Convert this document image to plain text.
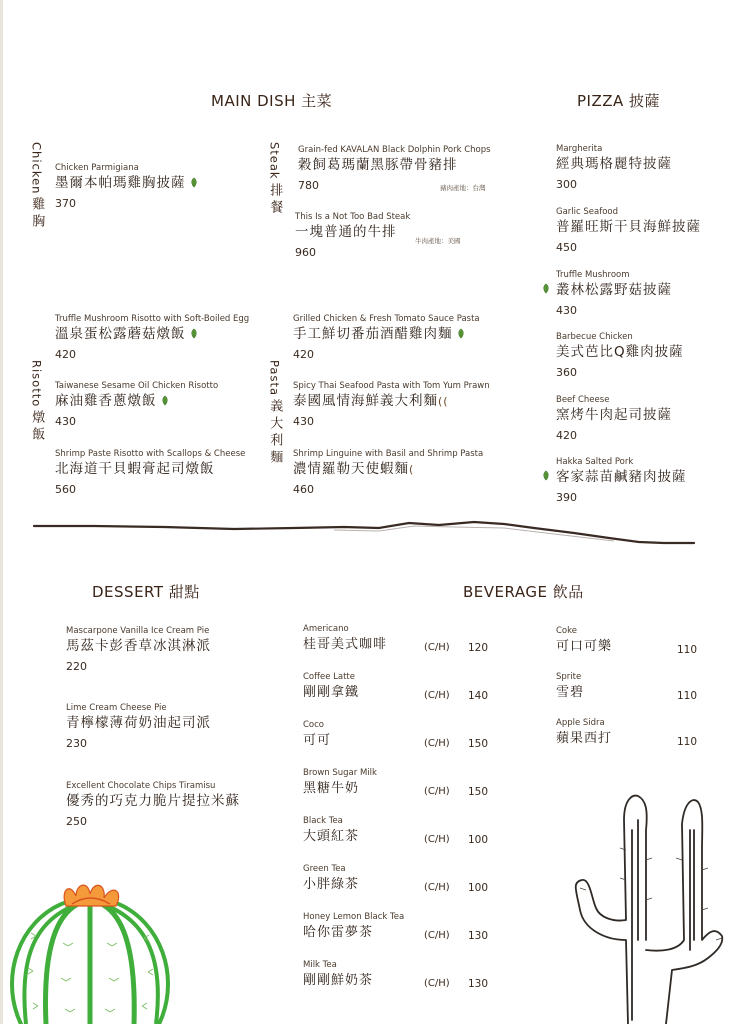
MAIN DISH 主菜	PIZZA 披薩
DESSERT 甜點	BEVERAGE 飲品
Chicken
雞胸
Steak
排餐
Risotto
燉飯
Pasta
義大利麵
Chicken Parmigiana
墨爾本帕瑪雞胸披薩
370
Grain-fed KAVALAN Black Dolphin Pork Chops
穀飼葛瑪蘭黑豚帶骨豬排
780	豬肉產地：台灣
This Is a Not Too Bad Steak
一塊普通的牛排
960
牛肉產地：美國
Truffle Mushroom Risotto with Soft-Boiled Egg
溫泉蛋松露蘑菇燉飯
420
Taiwanese Sesame Oil Chicken Risotto
麻油雞香蔥燉飯
430
Shrimp Paste Risotto with Scallops & Cheese
北海道干貝蝦膏起司燉飯
560
Grilled Chicken & Fresh Tomato Sauce Pasta
手工鮮切番茄酒醋雞肉麵
420
Spicy Thai Seafood Pasta with Tom Yum Prawn
泰國風情海鮮義大利麵((
430
Shrimp Linguine with Basil and Shrimp Pasta
濃情羅勒天使蝦麵(
460
Margherita
經典瑪格麗特披薩
300
Garlic Seafood
普羅旺斯干貝海鮮披薩
450
Truffle Mushroom
叢林松露野菇披薩
430
Barbecue Chicken
美式芭比Q雞肉披薩
360
Beef Cheese
窯烤牛肉起司披薩
420
Hakka Salted Pork
客家蒜苗鹹豬肉披薩
390
Mascarpone Vanilla Ice Cream Pie
馬茲卡彭香草冰淇淋派
220
Lime Cream Cheese Pie
青檸檬薄荷奶油起司派
230
Excellent Chocolate Chips Tiramisu
優秀的巧克力脆片提拉米蘇
250
Americano
桂哥美式咖啡	(C/H) 120
Coffee Latte
剛剛拿鐵	(C/H) 140
Coco
可可	(C/H) 150
Brown Sugar Milk
黑糖牛奶	(C/H) 150
Black Tea
大頭紅茶	(C/H) 100
Green Tea
小胖綠茶	(C/H) 100
Honey Lemon Black Tea
哈你雷夢茶	(C/H) 130
Milk Tea
剛剛鮮奶茶	(C/H) 130
Coke
可口可樂	110
Sprite
雪碧	110
Apple Sidra
蘋果西打	110
